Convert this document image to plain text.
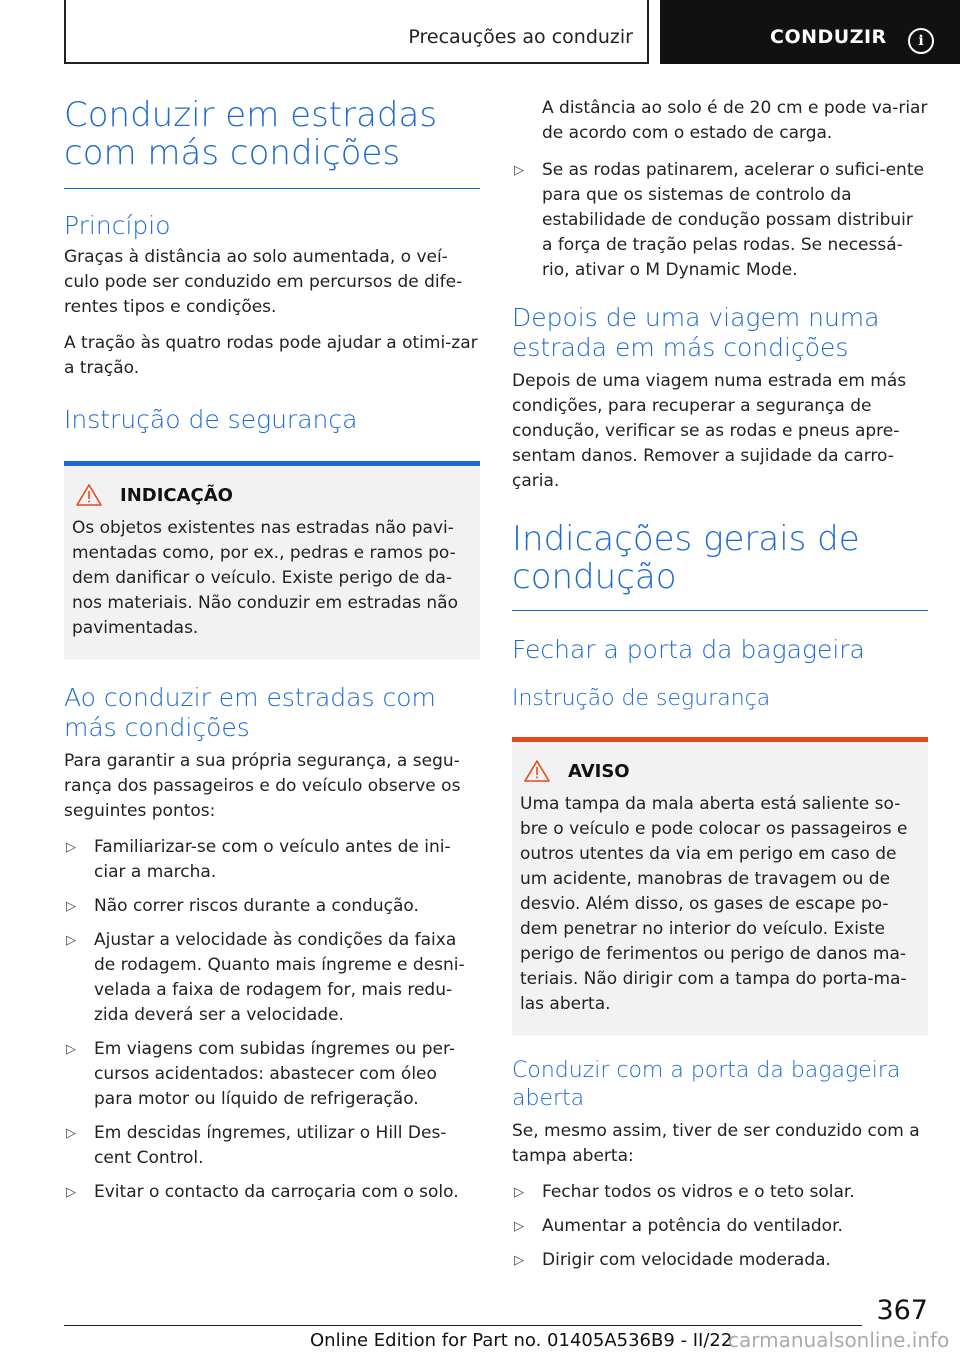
Precauções ao conduzir	CONDUZIR	i
Conduzir em estradas com más condições
Princípio

Graças à distância ao solo aumentada, o veí-culo pode ser conduzido em percursos de dife-rentes tipos e condições.

A tração às quatro rodas pode ajudar a otimi-zar a tração.

Instrução de segurança
INDICAÇÃO

Os objetos existentes nas estradas não pavi-mentadas como, por ex., pedras e ramos po-dem danificar o veículo. Existe perigo de da-nos materiais. Não conduzir em estradas não pavimentadas.

Ao conduzir em estradas com más condições

Para garantir a sua própria segurança, a segu-rança dos passageiros e do veículo observe os seguintes pontos:

▷ Familiarizar-se com o veículo antes de ini-ciar a marcha.
▷ Não correr riscos durante a condução.
▷ Ajustar a velocidade às condições da faixa de rodagem. Quanto mais íngreme e desni-velada a faixa de rodagem for, mais redu-zida deverá ser a velocidade.
▷ Em viagens com subidas íngremes ou per-cursos acidentados: abastecer com óleo para motor ou líquido de refrigeração.
▷ Em descidas íngremes, utilizar o Hill Des-cent Control.
▷ Evitar o contacto da carroçaria com o solo.

A distância ao solo é de 20 cm e pode va-riar de acordo com o estado de carga.

▷ Se as rodas patinarem, acelerar o sufici-ente para que os sistemas de controlo da estabilidade de condução possam distribuir a força de tração pelas rodas. Se necessá-rio, ativar o M Dynamic Mode.
Depois de uma viagem numa estrada em más condições

Depois de uma viagem numa estrada em más condições, para recuperar a segurança de condução, verificar se as rodas e pneus apre-sentam danos. Remover a sujidade da carro-çaria.

Indicações gerais de condução
Fechar a porta da bagageira
Instrução de segurança
AVISO

Uma tampa da mala aberta está saliente so-bre o veículo e pode colocar os passageiros e outros utentes da via em perigo em caso de um acidente, manobras de travagem ou de desvio. Além disso, os gases de escape po-dem penetrar no interior do veículo. Existe perigo de ferimentos ou perigo de danos ma-teriais. Não dirigir com a tampa do porta-ma-las aberta.

Conduzir com a porta da bagageira aberta

Se, mesmo assim, tiver de ser conduzido com a tampa aberta:

▷ Fechar todos os vidros e o teto solar.
▷ Aumentar a potência do ventilador.
▷ Dirigir com velocidade moderada.
367
Online Edition for Part no. 01405A536B9 - II/22
carmanualsonline.info
